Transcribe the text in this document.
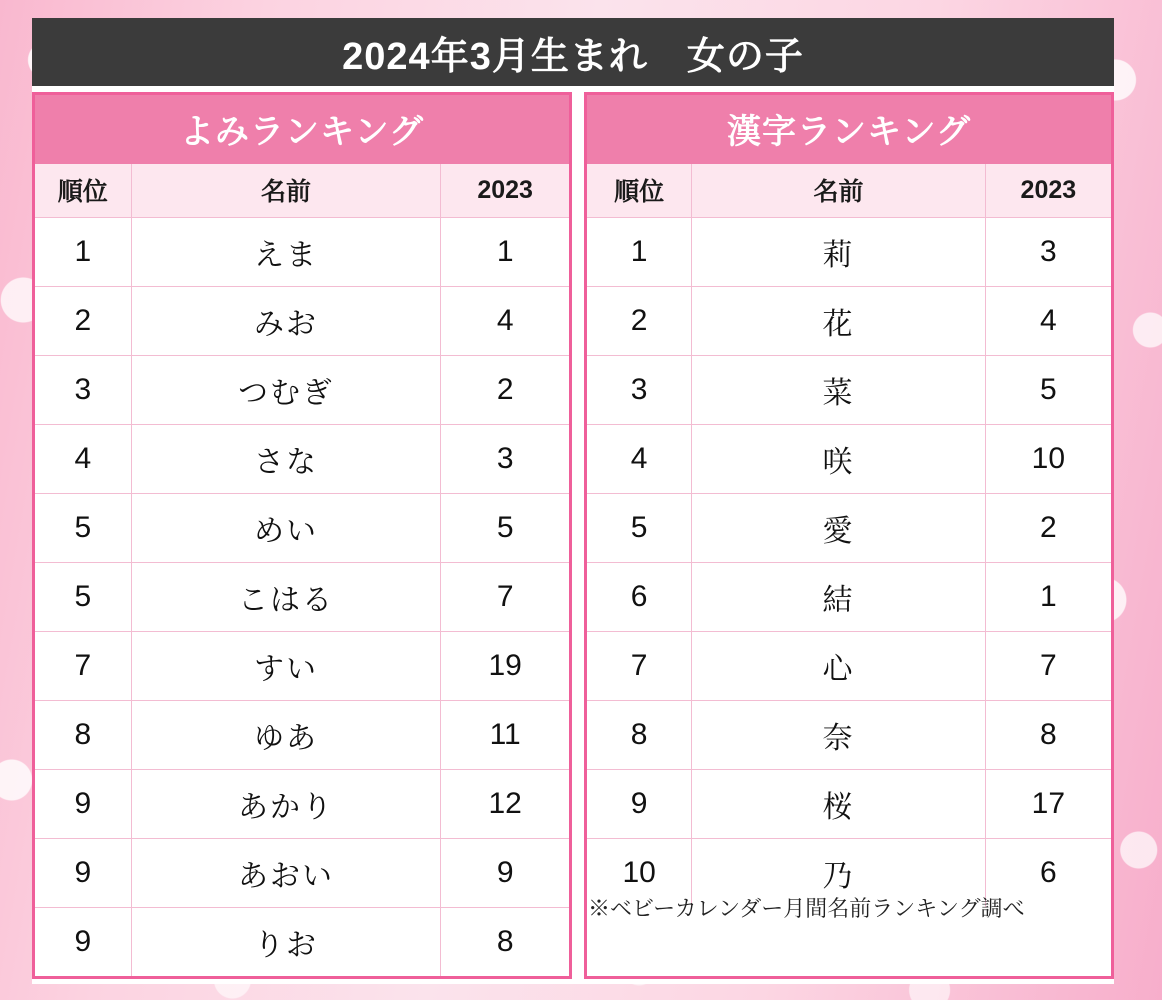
2024年3月生まれ　女の子
よみランキング
順位	名前	2023
1	えま	1
2	みお	4
3	つむぎ	2
4	さな	3
5	めい	5
5	こはる	7
7	すい	19
8	ゆあ	11
9	あかり	12
9	あおい	9
9	りお	8
漢字ランキング
順位	名前	2023
1	莉	3
2	花	4
3	菜	5
4	咲	10
5	愛	2
6	結	1
7	心	7
8	奈	8
9	桜	17
10	乃	6
※ベビーカレンダー月間名前ランキング調べ
